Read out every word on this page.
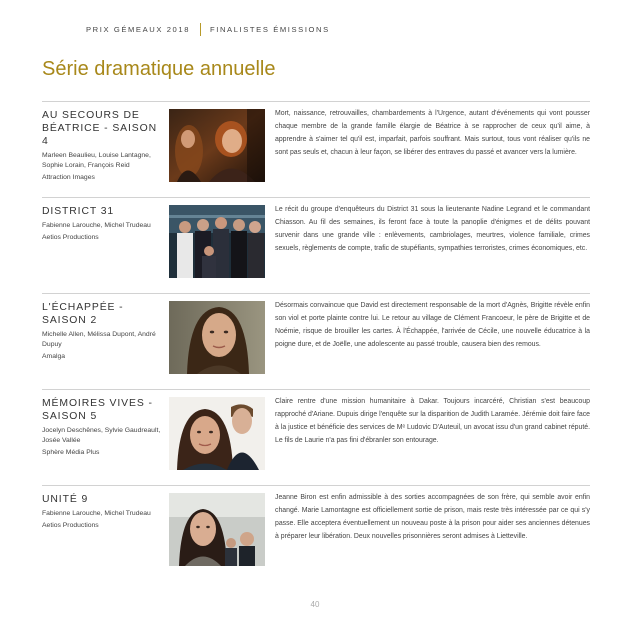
PRIX GÉMEAUX 2018	FINALISTES ÉMISSIONS
Série dramatique annuelle
AU SECOURS DE BÉATRICE - SAISON 4
Marleen Beaulieu, Louise Lantagne, Sophie Lorain, François Reid
Attraction Images
Mort, naissance, retrouvailles, chambardements à l'Urgence, autant d'événements qui vont pousser chaque membre de la grande famille élargie de Béatrice à se rapprocher de ceux qu'il aime, à apprendre à s'aimer tel qu'il est, imparfait, parfois souffrant. Mais surtout, tous vont réaliser qu'ils ne sont pas seuls et, chacun à leur façon, se libérer des entraves du passé et avancer vers la lumière.
DISTRICT 31
Fabienne Larouche, Michel Trudeau
Aetios Productions
Le récit du groupe d'enquêteurs du District 31 sous la lieutenante Nadine Legrand et le commandant Chiasson. Au fil des semaines, ils feront face à toute la panoplie d'énigmes et de délits pouvant survenir dans une grande ville : enlèvements, cambriolages, meurtres, violence familiale, crimes sexuels, règlements de compte, trafic de stupéfiants, sympathies terroristes, crimes économiques, etc.
L'ÉCHAPPÉE - SAISON 2
Michelle Allen, Mélissa Dupont, André Dupuy
Amalga
Désormais convaincue que David est directement responsable de la mort d'Agnès, Brigitte révèle enfin son viol et porte plainte contre lui. Le retour au village de Clément Francoeur, le père de Brigitte et de Noémie, risque de brouiller les cartes. À l'Échappée, l'arrivée de Cécile, une nouvelle éducatrice à la poigne dure, et de Joëlle, une adolescente au passé trouble, causera bien des remous.
MÉMOIRES VIVES - SAISON 5
Jocelyn Deschênes, Sylvie Gaudreault, Josée Vallée
Sphère Média Plus
Claire rentre d'une mission humanitaire à Dakar. Toujours incarcéré, Christian s'est beaucoup rapproché d'Ariane. Dupuis dirige l'enquête sur la disparition de Judith Laramée. Jérémie doit faire face à la justice et bénéficie des services de Mᵉ Ludovic D'Auteuil, un avocat issu d'un grand cabinet réputé. Le fils de Laurie n'a pas fini d'ébranler son entourage.
UNITÉ 9
Fabienne Larouche, Michel Trudeau
Aetios Productions
Jeanne Biron est enfin admissible à des sorties accompagnées de son frère, qui semble avoir enfin changé. Marie Lamontagne est officiellement sortie de prison, mais reste très intéressée par ce qui s'y passe. Elle acceptera éventuellement un nouveau poste à la prison pour aider ses anciennes détenues à préparer leur libération. Deux nouvelles prisonnières seront admises à Lietteville.
40
